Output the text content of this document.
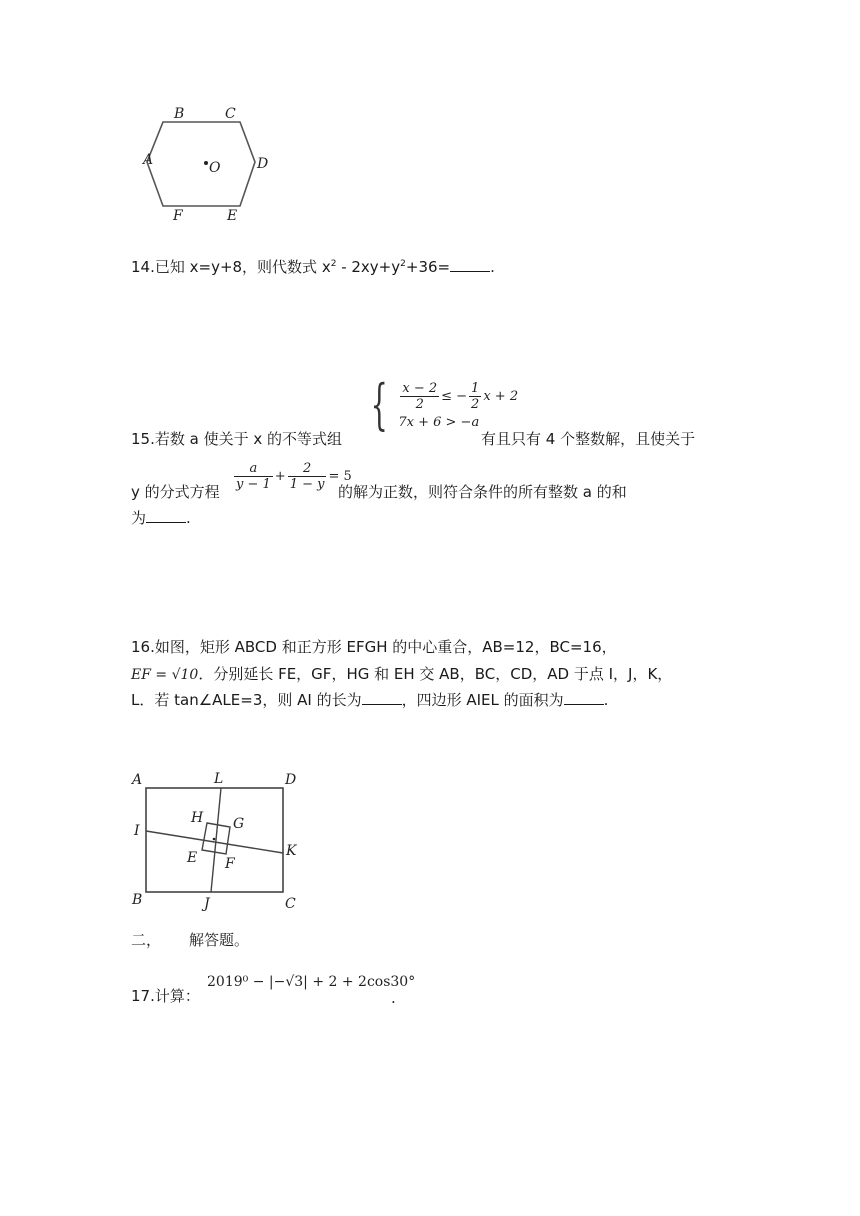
B	C
A	D
O
F	E
14.已知 x=y+8，则代数式 $x^2 - 2xy+y^2+36=$	.
{ $\frac{x - 2}{2}$ ≤ − $\frac{1}{2}$ x + 2
7x + 6 > −a
15.若数 a 使关于 x 的不等式组	有且只有 4 个整数解，且使关于
y 的分式方程
$\frac{a}{y - 1} + \frac{2}{1 - y} = 5$
的解为正数，则符合条件的所有整数 a 的和
为	.
16.如图，矩形 ABCD 和正方形 EFGH 的中心重合，AB=12，BC=16，
EF = √10．分别延长 FE，GF，HG 和 EH 交 AB，BC，CD，AD 于点 I，J，K，
L．若 tan∠ALE=3，则 AI 的长为	，四边形 AIEL 的面积为	.
A	L	D
H G
I
E F
K
B	J	C
二， 解答题。
17.计算：
2019⁰ − |−√3| + 2 + 2cos30°
.
